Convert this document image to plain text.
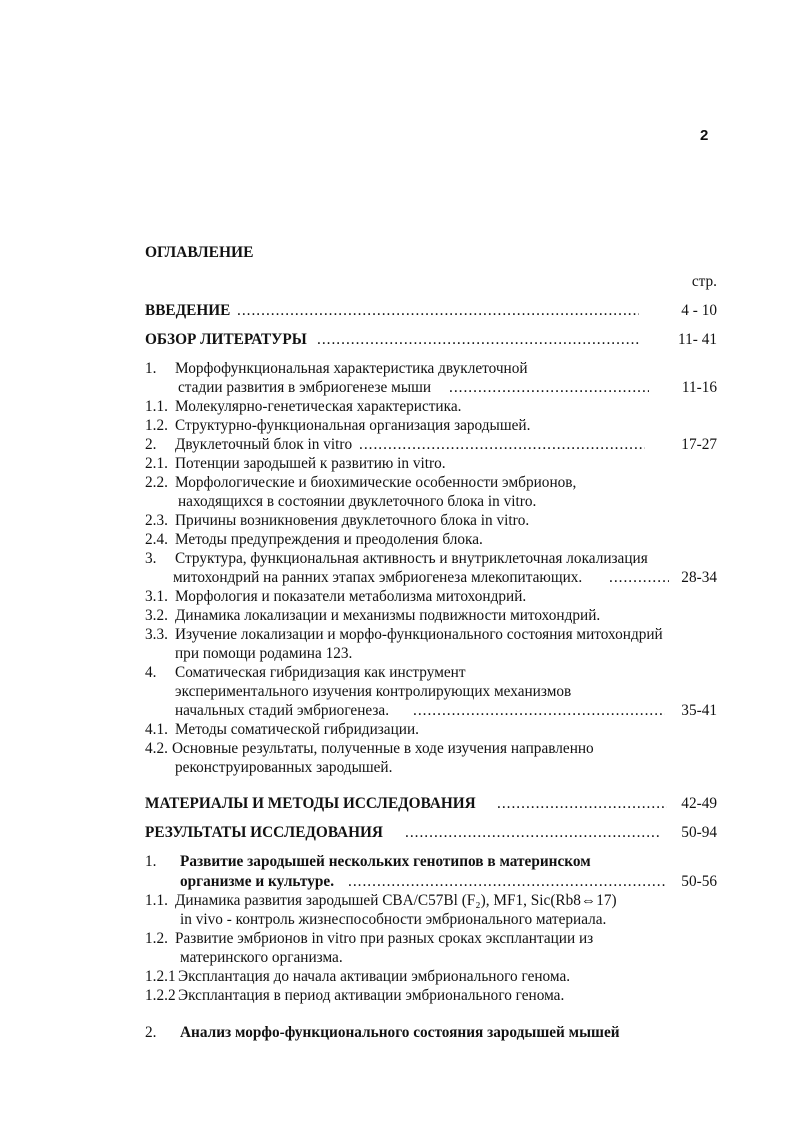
2
ОГЛАВЛЕНИЕ
стр.
ВВЕДЕНИЕ .....	4 - 10
ОБЗОР ЛИТЕРАТУРЫ .....	11- 41
1. Морфофункциональная характеристика двуклеточной
стадии развития в эмбриогенезе мыши .....	11-16
1.1. Молекулярно-генетическая характеристика.
1.2. Структурно-функциональная организация зародышей.
2. Двуклеточный блок in vitro .....	17-27
2.1. Потенции зародышей к развитию in vitro.
2.2. Морфологические и биохимические особенности эмбрионов,
находящихся в состоянии двуклеточного блока in vitro.
2.3. Причины возникновения двуклеточного блока in vitro.
2.4. Методы предупреждения и преодоления блока.
3. Структура, функциональная активность и внутриклеточная локализация
митохондрий на ранних этапах эмбриогенеза млекопитающих. .....	28-34
3.1. Морфология и показатели метаболизма митохондрий.
3.2. Динамика локализации и механизмы подвижности митохондрий.
3.3. Изучение локализации и морфо-функционального состояния митохондрий
при помощи родамина 123.
4. Соматическая гибридизация как инструмент
экспериментального изучения контролирующих механизмов
начальных стадий эмбриогенеза. .....	35-41
4.1. Методы соматической гибридизации.
4.2. Основные результаты, полученные в ходе изучения направленно
реконструированных зародышей.
МАТЕРИАЛЫ И МЕТОДЫ ИССЛЕДОВАНИЯ .....	42-49
РЕЗУЛЬТАТЫ ИССЛЕДОВАНИЯ .....	50-94
1. Развитие зародышей нескольких генотипов в материнском
организме и культуре. .....	50-56
1.1. Динамика развития зародышей CBA/C57Bl (F₂), MF1, Sic(Rb8⇔17)
in vivo - контроль жизнеспособности эмбрионального материала.
1.2. Развитие эмбрионов in vitro при разных сроках эксплантации из
материнского организма.
1.2.1 Эксплантация до начала активации эмбрионального генома.
1.2.2 Эксплантация в период активации эмбрионального генома.
2. Анализ морфо-функционального состояния зародышей мышей
